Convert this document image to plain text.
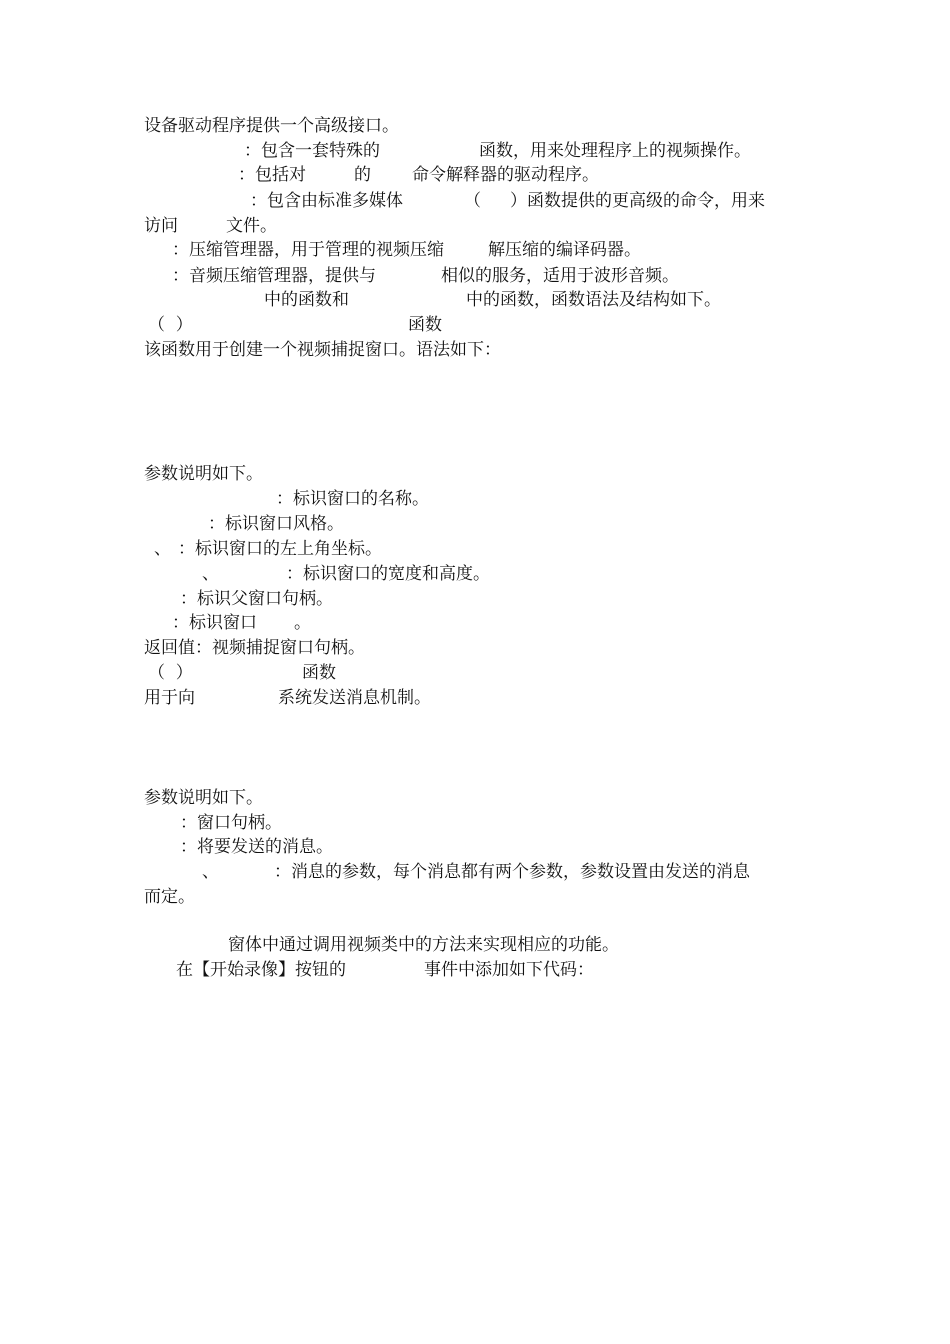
设备驱动程序提供一个高级接口。
：包含一套特殊的	函数，用来处理程序上的视频操作。
：包括对	的 命令解释器的驱动程序。
：包含由标准多媒体	（ ）函数提供的更高级的命令，用来
访问	文件。
：压缩管理器，用于管理的视频压缩	解压缩的编译码器。
：音频压缩管理器，提供与	相似的服务，适用于波形音频。
中的函数和	中的函数，函数语法及结构如下。
（  ）	函数
该函数用于创建一个视频捕捉窗口。语法如下：
参数说明如下。
：标识窗口的名称。
：标识窗口风格。
、 ：标识窗口的左上角坐标。
、	：标识窗口的宽度和高度。
：标识父窗口句柄。
：标识窗口 。
返回值：视频捕捉窗口句柄。
（  ）	函数
用于向	系统发送消息机制。
参数说明如下。
：窗口句柄。
：将要发送的消息。
、	：消息的参数，每个消息都有两个参数，参数设置由发送的消息
而定。
窗体中通过调用视频类中的方法来实现相应的功能。
在【开始录像】按钮的	事件中添加如下代码：
